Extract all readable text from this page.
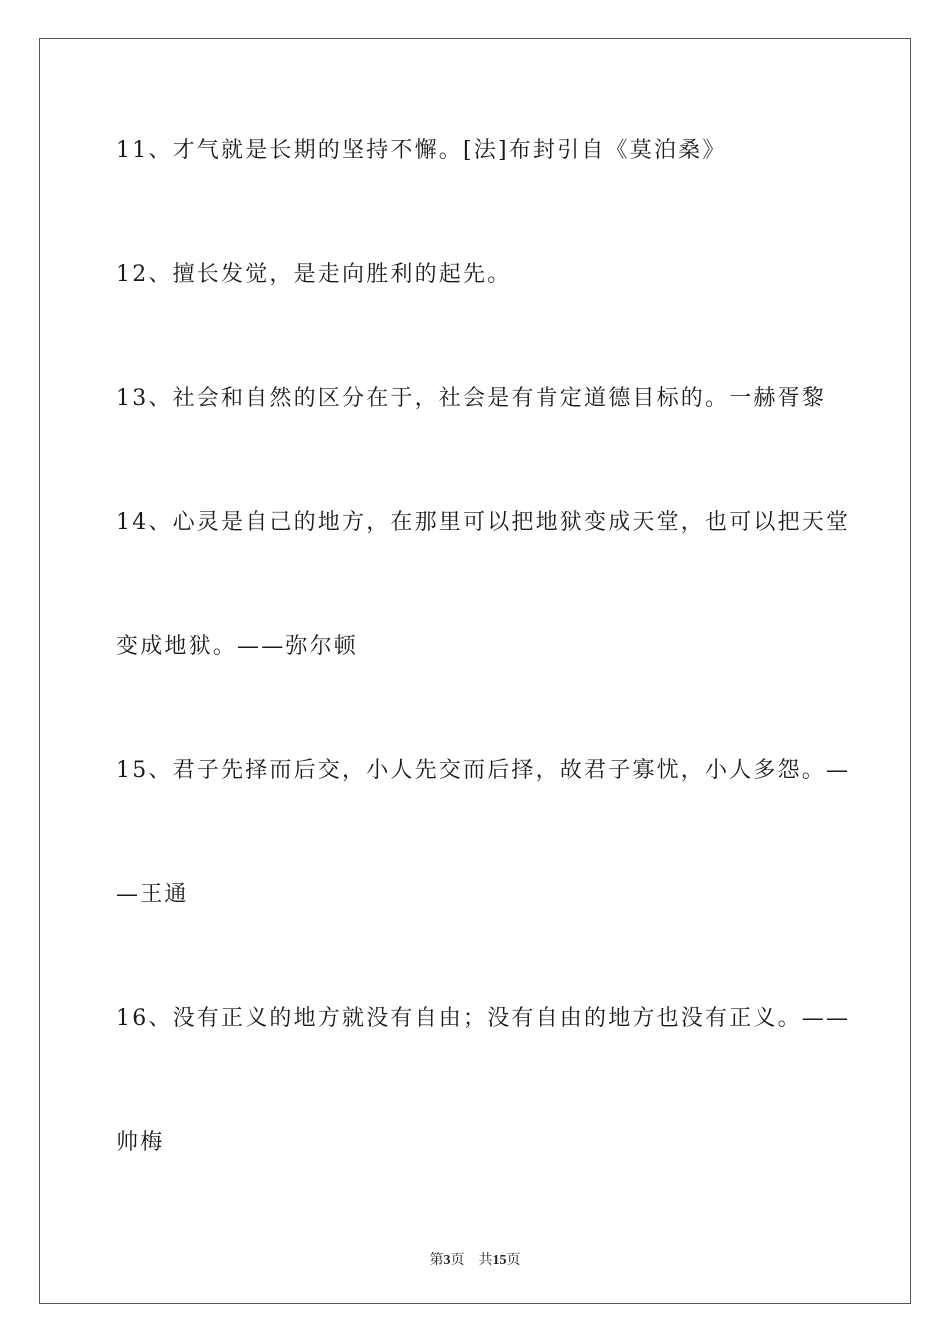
11、才气就是长期的坚持不懈。[法]布封引自《莫泊桑》
12、擅长发觉，是走向胜利的起先。
13、社会和自然的区分在于，社会是有肯定道德目标的。一赫胥黎
14、心灵是自己的地方，在那里可以把地狱变成天堂，也可以把天堂
变成地狱。——弥尔顿
15、君子先择而后交，小人先交而后择，故君子寡忧，小人多怨。—
—王通
16、没有正义的地方就没有自由；没有自由的地方也没有正义。——
帅梅
第3页 共15页
